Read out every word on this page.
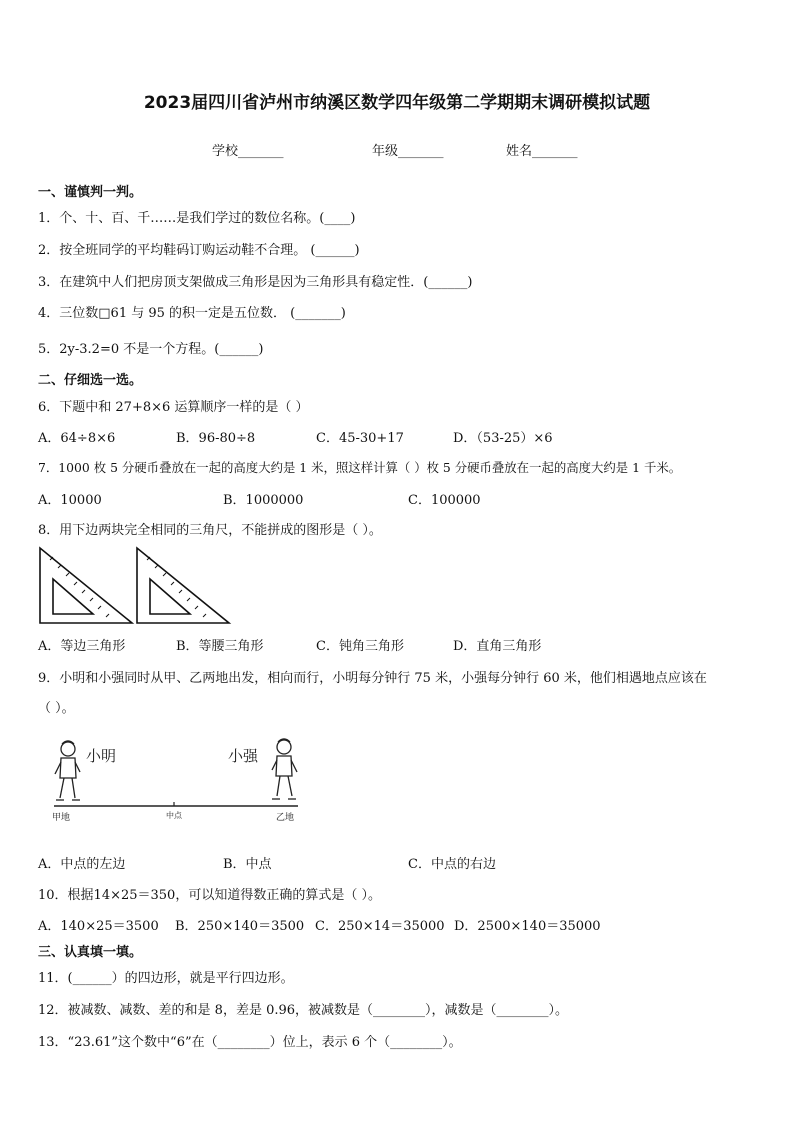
2023届四川省泸州市纳溪区数学四年级第二学期期末调研模拟试题
学校_______	年级_______	姓名_______
一、谨慎判一判。
1．个、十、百、千……是我们学过的数位名称。(____)
2．按全班同学的平均鞋码订购运动鞋不合理。 (______)
3．在建筑中人们把房顶支架做成三角形是因为三角形具有稳定性．(______)
4．三位数□61 与 95 的积一定是五位数． (_______)
5．2y-3.2=0 不是一个方程。(______)
二、仔细选一选。
6．下题中和 27+8×6 运算顺序一样的是（ ）
A．64÷8×6	B．96-80÷8	C．45-30+17	D．（53-25）×6
7．1000 枚 5 分硬币叠放在一起的高度大约是 1 米，照这样计算（ ）枚 5 分硬币叠放在一起的高度大约是 1 千米。
A．10000	B．1000000	C．100000
8．用下边两块完全相同的三角尺，不能拼成的图形是（ ）。
A．等边三角形	B．等腰三角形	C．钝角三角形	D．直角三角形
9．小明和小强同时从甲、乙两地出发，相向而行，小明每分钟行 75 米，小强每分钟行 60 米，他们相遇地点应该在
（ ）。
小明	小强
甲地	中点	乙地
A．中点的左边	B．中点	C．中点的右边
10．根据14×25＝350，可以知道得数正确的算式是（ ）。
A．140×25＝3500 B．250×140＝3500 C．250×14＝35000 D．2500×140＝35000
三、认真填一填。
11．(______）的四边形，就是平行四边形。
12．被减数、减数、差的和是 8，差是 0.96，被减数是（________），减数是（________）。
13．“23.61”这个数中“6”在（________）位上，表示 6 个（________）。
